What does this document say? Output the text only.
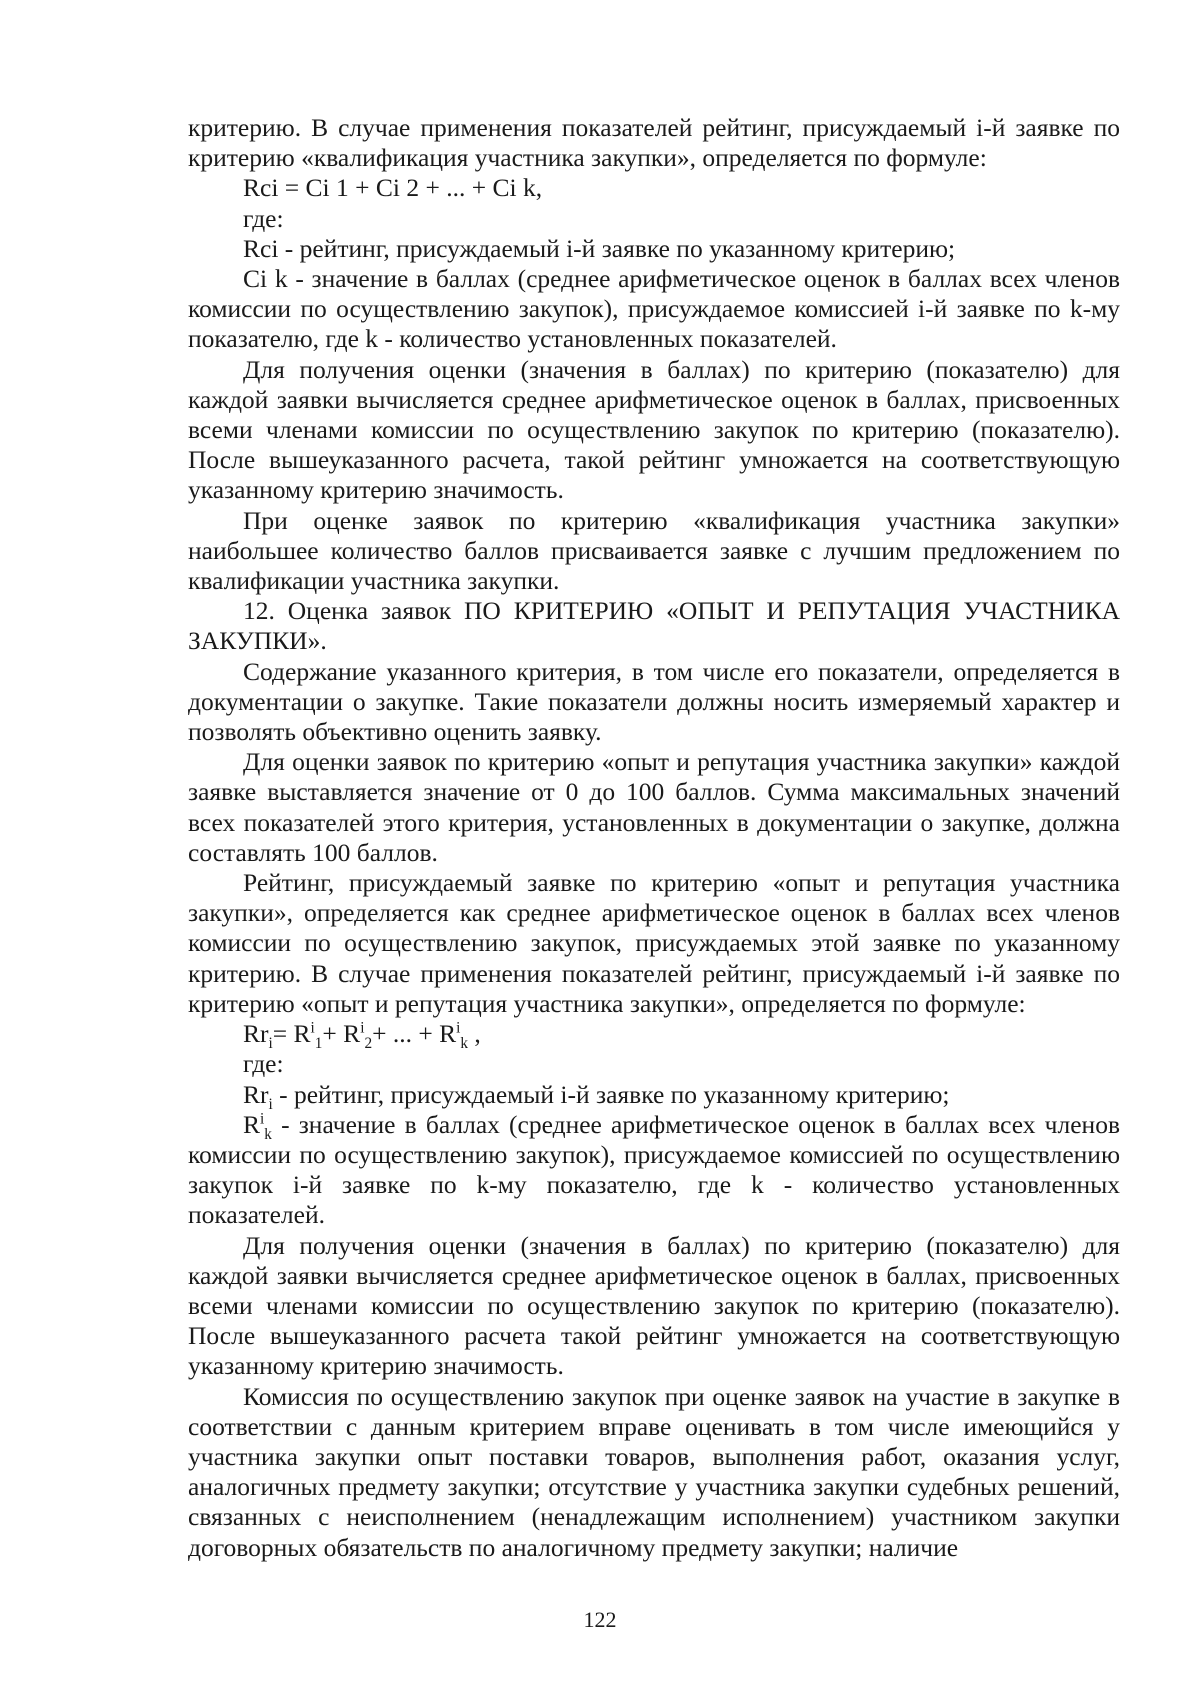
критерию. В случае применения показателей рейтинг, присуждаемый i-й заявке по критерию «квалификация участника закупки», определяется по формуле:

Rci = Ci 1 + Ci 2 + ... + Ci k,

где:

Rci - рейтинг, присуждаемый i-й заявке по указанному критерию;

Ci k - значение в баллах (среднее арифметическое оценок в баллах всех членов комиссии по осуществлению закупок), присуждаемое комиссией i-й заявке по k-му показателю, где k - количество установленных показателей.

Для получения оценки (значения в баллах) по критерию (показателю) для каждой заявки вычисляется среднее арифметическое оценок в баллах, присвоенных всеми членами комиссии по осуществлению закупок по критерию (показателю). После вышеуказанного расчета, такой рейтинг умножается на соответствующую указанному критерию значимость.

При оценке заявок по критерию «квалификация участника закупки» наибольшее количество баллов присваивается заявке с лучшим предложением по квалификации участника закупки.

12. Оценка заявок ПО КРИТЕРИЮ «ОПЫТ И РЕПУТАЦИЯ УЧАСТНИКА ЗАКУПКИ».

Содержание указанного критерия, в том числе его показатели, определяется в документации о закупке. Такие показатели должны носить измеряемый характер и позволять объективно оценить заявку.

Для оценки заявок по критерию «опыт и репутация участника закупки» каждой заявке выставляется значение от 0 до 100 баллов. Сумма максимальных значений всех показателей этого критерия, установленных в документации о закупке, должна составлять 100 баллов.

Рейтинг, присуждаемый заявке по критерию «опыт и репутация участника закупки», определяется как среднее арифметическое оценок в баллах всех членов комиссии по осуществлению закупок, присуждаемых этой заявке по указанному критерию. В случае применения показателей рейтинг, присуждаемый i-й заявке по критерию «опыт и репутация участника закупки», определяется по формуле:

$Rr_i= R^i_1+ R^i_2+$ ... + $R^i_k$ ,

где:

$Rr_i$ - рейтинг, присуждаемый i-й заявке по указанному критерию;

$R^i_k$ - значение в баллах (среднее арифметическое оценок в баллах всех членов комиссии по осуществлению закупок), присуждаемое комиссией по осуществлению закупок i-й заявке по k-му показателю, где k - количество установленных показателей.

Для получения оценки (значения в баллах) по критерию (показателю) для каждой заявки вычисляется среднее арифметическое оценок в баллах, присвоенных всеми членами комиссии по осуществлению закупок по критерию (показателю). После вышеуказанного расчета такой рейтинг умножается на соответствующую указанному критерию значимость.

Комиссия по осуществлению закупок при оценке заявок на участие в закупке в соответствии с данным критерием вправе оценивать в том числе имеющийся у участника закупки опыт поставки товаров, выполнения работ, оказания услуг, аналогичных предмету закупки; отсутствие у участника закупки судебных решений, связанных с неисполнением (ненадлежащим исполнением) участником закупки договорных обязательств по аналогичному предмету закупки; наличие

122
